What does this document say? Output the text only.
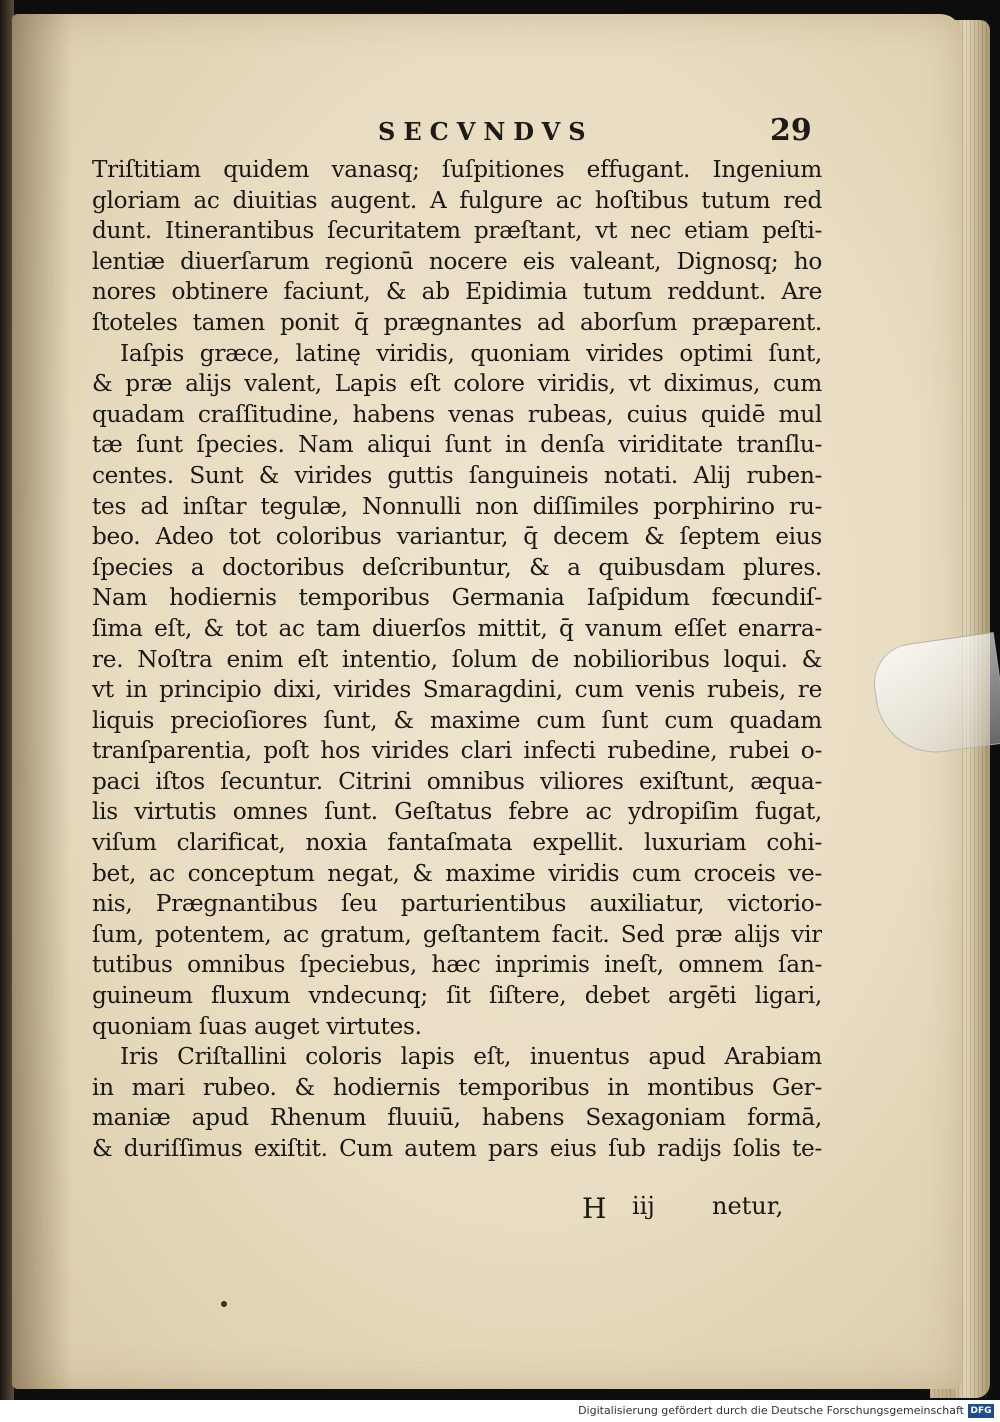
SECVNDVS	29
Triſtitiam quidem vanasq; ſuſpitiones effugant. Ingenium
gloriam ac diuitias augent. A fulgure ac hoſtibus tutum red
dunt. Itinerantibus ſecuritatem præſtant, vt nec etiam peſti-
lentiæ diuerſarum regionū nocere eis valeant, Dignosq; ho
nores obtinere faciunt, & ab Epidimia tutum reddunt. Are
ſtoteles tamen ponit q̄ prægnantes ad aborſum præparent.
Iaſpis græce, latinę viridis, quoniam virides optimi ſunt,
& præ alijs valent, Lapis eſt colore viridis, vt diximus, cum
quadam craſſitudine, habens venas rubeas, cuius quidē mul
tæ ſunt ſpecies. Nam aliqui ſunt in denſa viriditate tranſlu-
centes. Sunt & virides guttis ſanguineis notati. Alij ruben-
tes ad inſtar tegulæ, Nonnulli non diſſimiles porphirino ru-
beo. Adeo tot coloribus variantur, q̄ decem & ſeptem eius
ſpecies a doctoribus deſcribuntur, & a quibusdam plures.
Nam hodiernis temporibus Germania Iaſpidum fœcundiſ-
ſima eſt, & tot ac tam diuerſos mittit, q̄ vanum eſſet enarra-
re. Noſtra enim eſt intentio, ſolum de nobilioribus loqui. &
vt in principio dixi, virides Smaragdini, cum venis rubeis, re
liquis precioſiores ſunt, & maxime cum ſunt cum quadam
tranſparentia, poſt hos virides clari infecti rubedine, rubei o-
paci iſtos ſecuntur. Citrini omnibus viliores exiſtunt, æqua-
lis virtutis omnes ſunt. Geſtatus febre ac ydropiſim fugat,
viſum clarificat, noxia fantaſmata expellit. luxuriam cohi-
bet, ac conceptum negat, & maxime viridis cum croceis ve-
nis, Prægnantibus ſeu parturientibus auxiliatur, victorio-
ſum, potentem, ac gratum, geſtantem facit. Sed præ alijs vir
tutibus omnibus ſpeciebus, hæc inprimis ineſt, omnem ſan-
guineum fluxum vndecunq; ſit ſiſtere, debet argēti ligari,
quoniam ſuas auget virtutes.
Iris Criſtallini coloris lapis eſt, inuentus apud Arabiam
in mari rubeo. & hodiernis temporibus in montibus Ger-
maniæ apud Rhenum fluuiū, habens Sexagoniam formā,
& duriſſimus exiſtit. Cum autem pars eius ſub radijs ſolis te-
H iij netur,
Digitalisierung gefördert durch die Deutsche Forschungsgemeinschaft DFG
